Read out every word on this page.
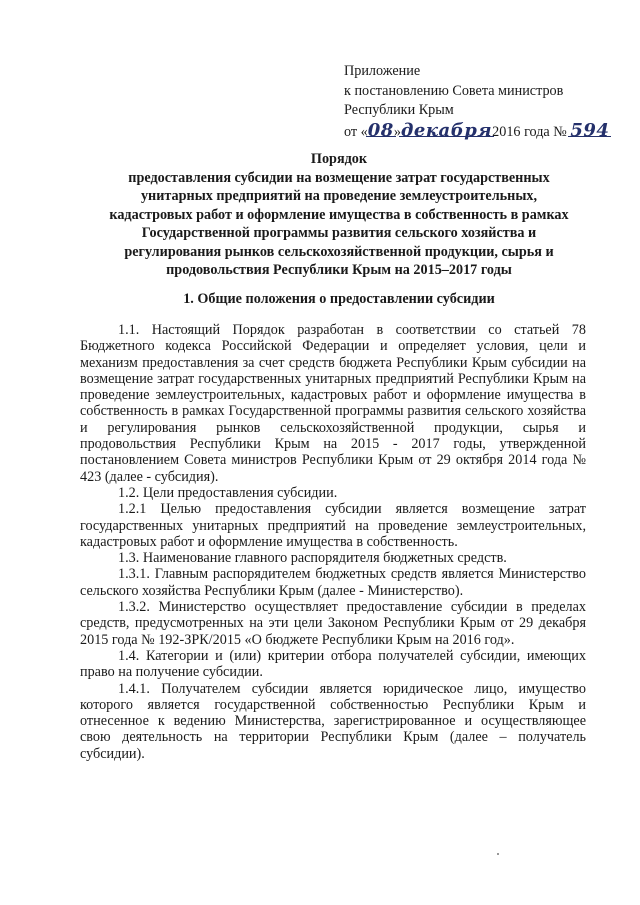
Приложение
к постановлению Совета министров
Республики Крым
от «08»декабря2016 года № 594
Порядок
предоставления субсидии на возмещение затрат государственных
унитарных предприятий на проведение землеустроительных,
кадастровых работ и оформление имущества в собственность в рамках
Государственной программы развития сельского хозяйства и
регулирования рынков сельскохозяйственной продукции, сырья и
продовольствия Республики Крым на 2015–2017 годы
1. Общие положения о предоставлении субсидии

1.1. Настоящий Порядок разработан в соответствии со статьей 78 Бюджетного кодекса Российской Федерации и определяет условия, цели и механизм предоставления за счет средств бюджета Республики Крым субсидии на возмещение затрат государственных унитарных предприятий Республики Крым на проведение землеустроительных, кадастровых работ и оформление имущества в собственность в рамках Государственной программы развития сельского хозяйства и регулирования рынков сельскохозяйственной продукции, сырья и продовольствия Республики Крым на 2015 - 2017 годы, утвержденной постановлением Совета министров Республики Крым от 29 октября 2014 года № 423 (далее - субсидия).

1.2. Цели предоставления субсидии.

1.2.1 Целью предоставления субсидии является возмещение затрат государственных унитарных предприятий на проведение землеустроительных, кадастровых работ и оформление имущества в собственность.

1.3. Наименование главного распорядителя бюджетных средств.

1.3.1. Главным распорядителем бюджетных средств является Министерство сельского хозяйства Республики Крым (далее - Министерство).

1.3.2. Министерство осуществляет предоставление субсидии в пределах средств, предусмотренных на эти цели Законом Республики Крым от 29 декабря 2015 года № 192-ЗРК/2015 «О бюджете Республики Крым на 2016 год».

1.4. Категории и (или) критерии отбора получателей субсидии, имеющих право на получение субсидии.

1.4.1. Получателем субсидии является юридическое лицо, имущество которого является государственной собственностью Республики Крым и отнесенное к ведению Министерства, зарегистрированное и осуществляющее свою деятельность на территории Республики Крым (далее – получатель субсидии).
